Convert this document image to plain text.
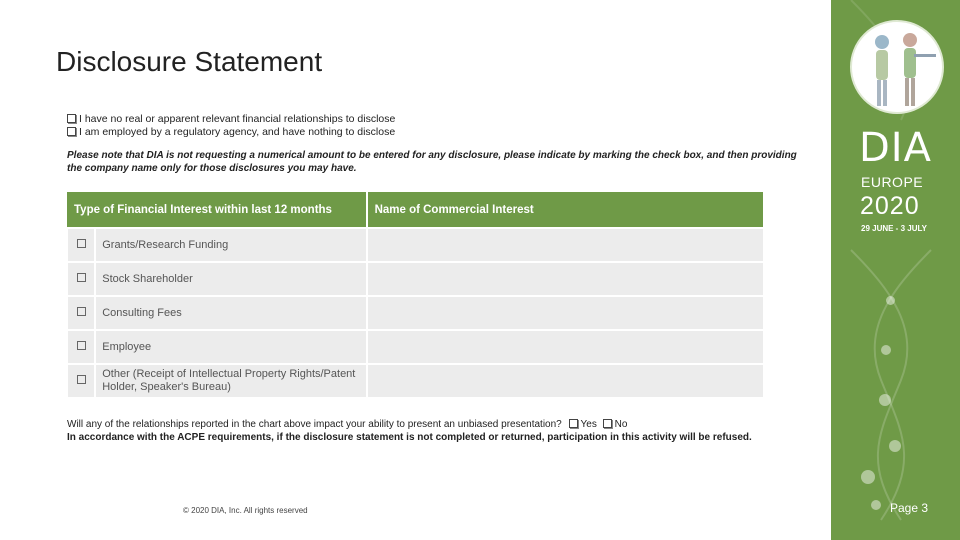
Disclosure Statement
I have no real or apparent relevant financial relationships to disclose
I am employed by a regulatory agency, and have nothing to disclose
Please note that DIA is not requesting a numerical amount to be entered for any disclosure, please indicate by marking the check box, and then providing the company name only for those disclosures you may have.
Type of Financial Interest within last 12 months		Name of Commercial Interest
	Grants/Research Funding	
	Stock Shareholder	
	Consulting Fees	
	Employee	
	Other (Receipt of Intellectual Property Rights/Patent Holder, Speaker's Bureau)	
Will any of the relationships reported in the chart above impact your ability to present an unbiased presentation? Yes No
In accordance with the ACPE requirements, if the disclosure statement is not completed or returned, participation in this activity will be refused.
© 2020 DIA, Inc. All rights reserved
DIA
EUROPE
2020
29 JUNE - 3 JULY
Page 3
